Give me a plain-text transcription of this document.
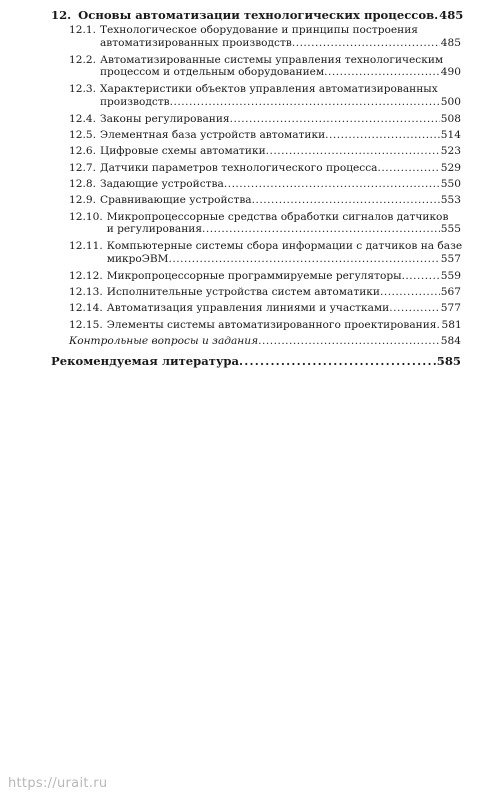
12. Основы автоматизации технологических процессов ..... 485
12.1. Технологическое оборудование и принципы построения
автоматизированных производств .....	485
12.2. Автоматизированные системы управления технологическим
процессом и отдельным оборудованием .....	490
12.3. Характеристики объектов управления автоматизированных
производств .....	500
12.4. Законы регулирования .....	508
12.5. Элементная база устройств автоматики .....	514
12.6. Цифровые схемы автоматики .....	523
12.7. Датчики параметров технологического процесса .....	529
12.8. Задающие устройства .....	550
12.9. Сравнивающие устройства .....	553
12.10. Микропроцессорные средства обработки сигналов датчиков
и регулирования .....	555
12.11. Компьютерные системы сбора информации с датчиков на базе
микроЭВМ .....	557
12.12. Микропроцессорные программируемые регуляторы .....	559
12.13. Исполнительные устройства систем автоматики .....	567
12.14. Автоматизация управления линиями и участками .....	577
12.15. Элементы системы автоматизированного проектирования ..... 581
Контрольные вопросы и задания .....	584
Рекомендуемая литература .....	585
https://urait.ru
